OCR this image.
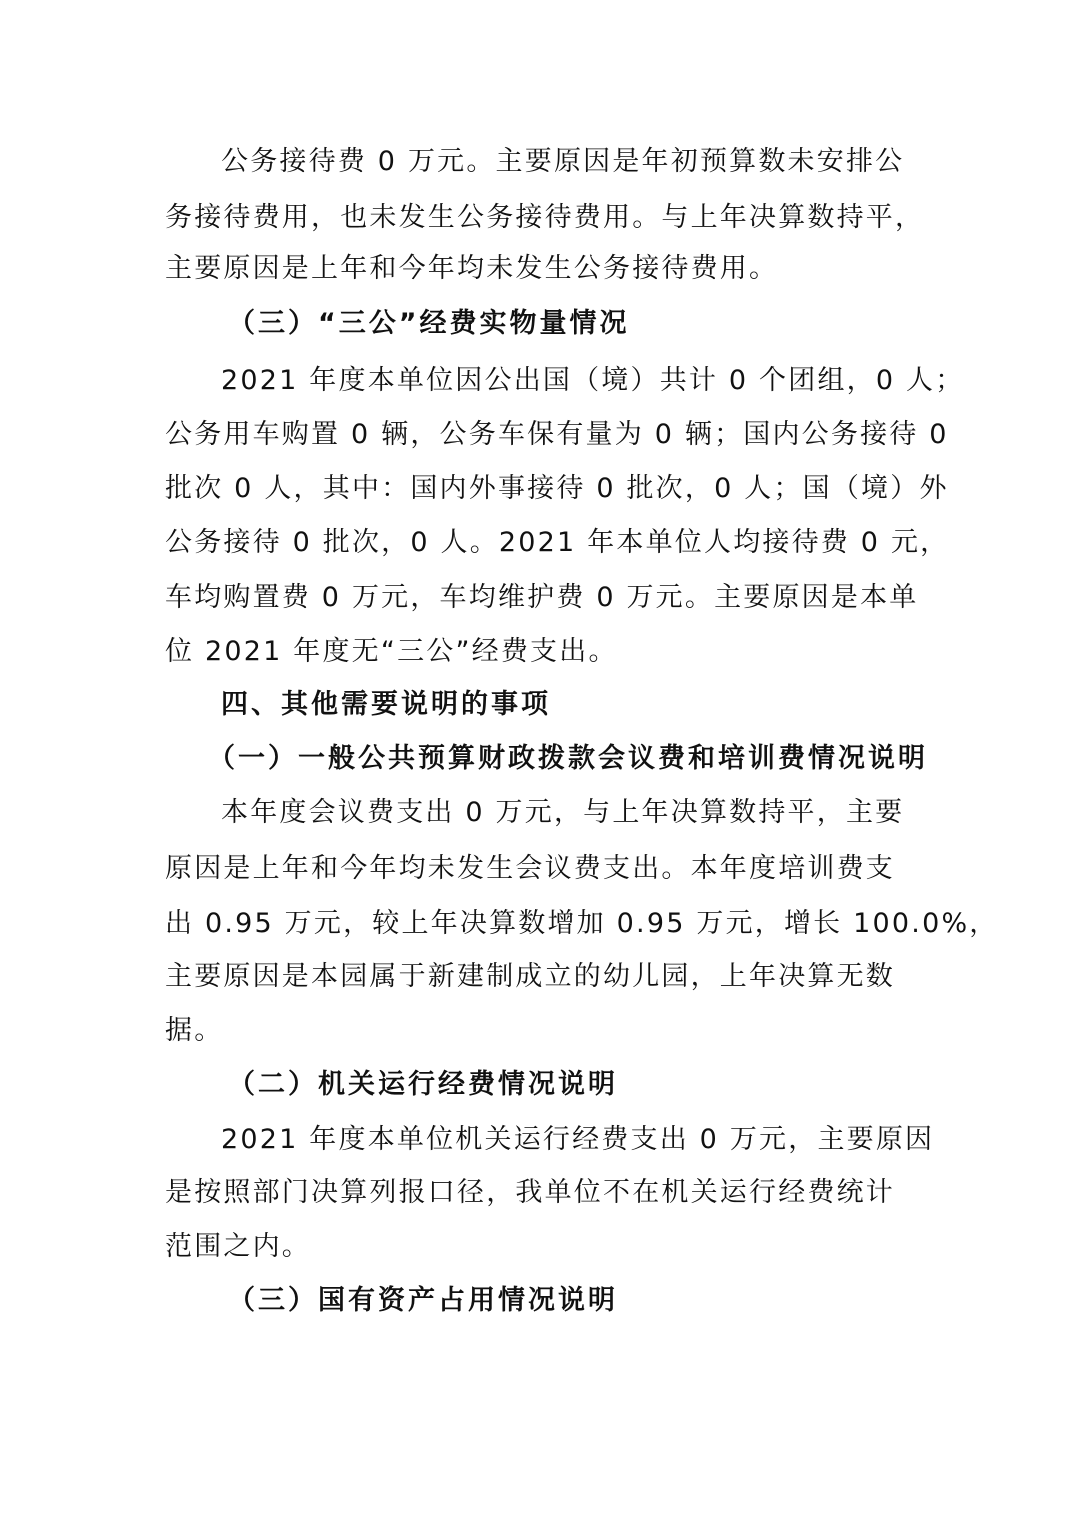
公务接待费 0 万元。主要原因是年初预算数未安排公
务接待费用，也未发生公务接待费用。与上年决算数持平，
主要原因是上年和今年均未发生公务接待费用。
（三）“三公”经费实物量情况
2021 年度本单位因公出国（境）共计 0 个团组，0 人；
公务用车购置 0 辆，公务车保有量为 0 辆；国内公务接待 0
批次 0 人，其中：国内外事接待 0 批次，0 人；国（境）外
公务接待 0 批次，0 人。2021 年本单位人均接待费 0 元，
车均购置费 0 万元，车均维护费 0 万元。主要原因是本单
位 2021 年度无“三公”经费支出。
四、其他需要说明的事项
（一）一般公共预算财政拨款会议费和培训费情况说明
本年度会议费支出 0 万元，与上年决算数持平，主要
原因是上年和今年均未发生会议费支出。本年度培训费支
出 0.95 万元，较上年决算数增加 0.95 万元，增长 100.0%，
主要原因是本园属于新建制成立的幼儿园，上年决算无数
据。
（二）机关运行经费情况说明
2021 年度本单位机关运行经费支出 0 万元，主要原因
是按照部门决算列报口径，我单位不在机关运行经费统计
范围之内。
（三）国有资产占用情况说明
